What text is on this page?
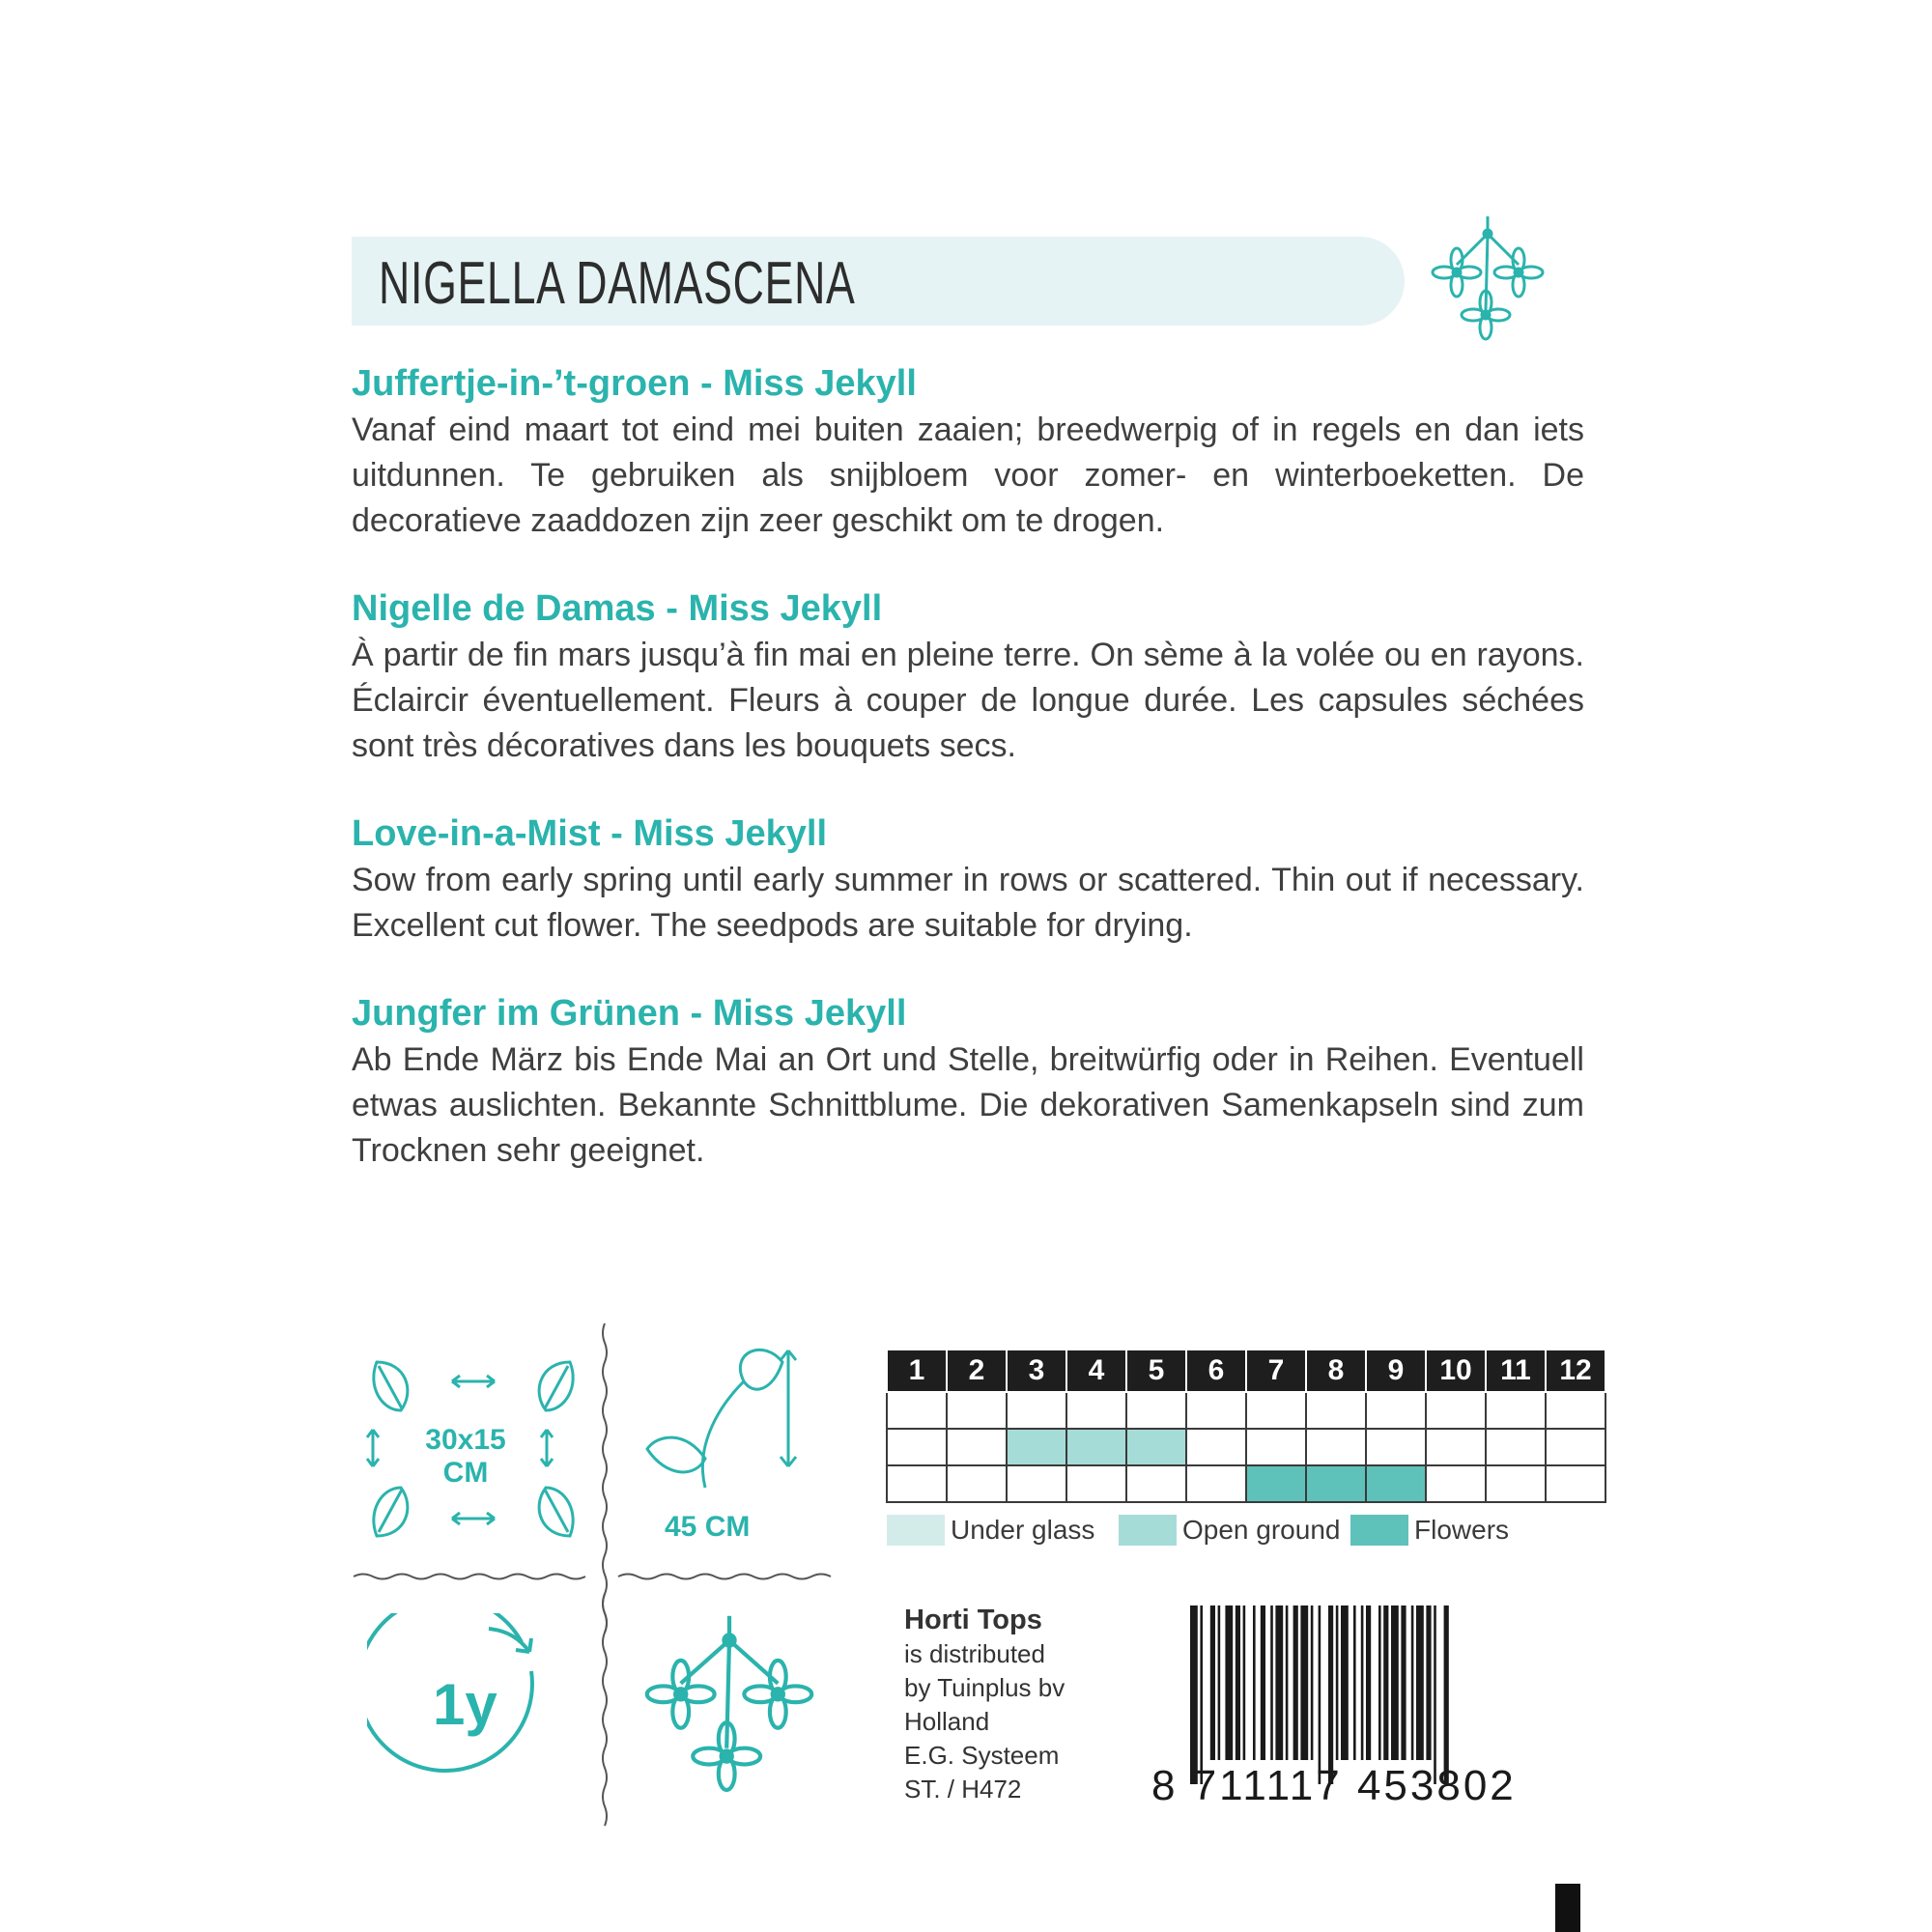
NIGELLA DAMASCENA
Juffertje-in-’t-groen - Miss Jekyll
Vanaf eind maart tot eind mei buiten zaaien; breedwerpig of in regels en dan iets uitdunnen. Te gebruiken als snijbloem voor zomer- en winterboeketten. De decoratieve zaaddozen zijn zeer geschikt om te drogen.
Nigelle de Damas - Miss Jekyll
À partir de fin mars jusqu’à fin mai en pleine terre. On sème à la volée ou en rayons. Éclaircir éventuellement. Fleurs à couper de longue durée. Les capsules séchées sont très décoratives dans les bouquets secs.
Love-in-a-Mist - Miss Jekyll
Sow from early spring until early summer in rows or scattered. Thin out if necessary. Excellent cut flower. The seedpods are suitable for drying.
Jungfer im Grünen - Miss Jekyll
Ab Ende März bis Ende Mai an Ort und Stelle, breitwürfig oder in Reihen. Eventuell etwas auslichten. Bekannte Schnittblume. Die dekorativen Samenkapseln sind zum Trocknen sehr geeignet.
30x15
CM
45 CM
1y
1	2	3	4	5	6	7	8	9	10	11	12

Under glass	Open ground	Flowers
Horti Tops
is distributed
by Tuinplus bv
Holland
E.G. Systeem
ST. / H472	8 711117 453802
